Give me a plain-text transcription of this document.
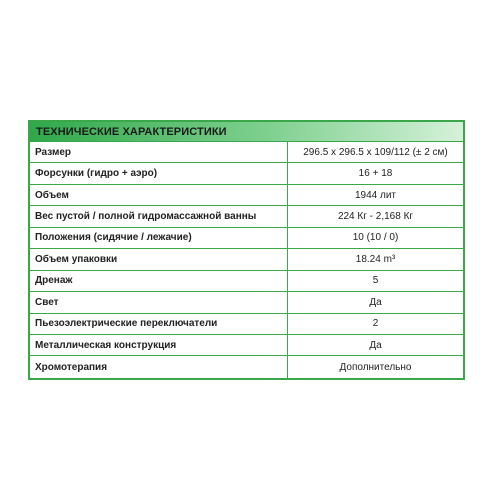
ТЕХНИЧЕСКИЕ ХАРАКТЕРИСТИКИ
Размер	296.5 x 296.5 x 109/112 (± 2 см)
Форсунки (гидро + аэро)	16 + 18
Объем	1944 лит
Вес пустой / полной гидромассажной ванны	224 Кг - 2,168 Кг
Положения (сидячие / лежачие)	10 (10 / 0)
Объем упаковки	18.24 m³
Дренаж	5
Свет	Да
Пьезоэлектрические переключатели	2
Металлическая конструкция	Да
Хромотерапия	Дополнительно
